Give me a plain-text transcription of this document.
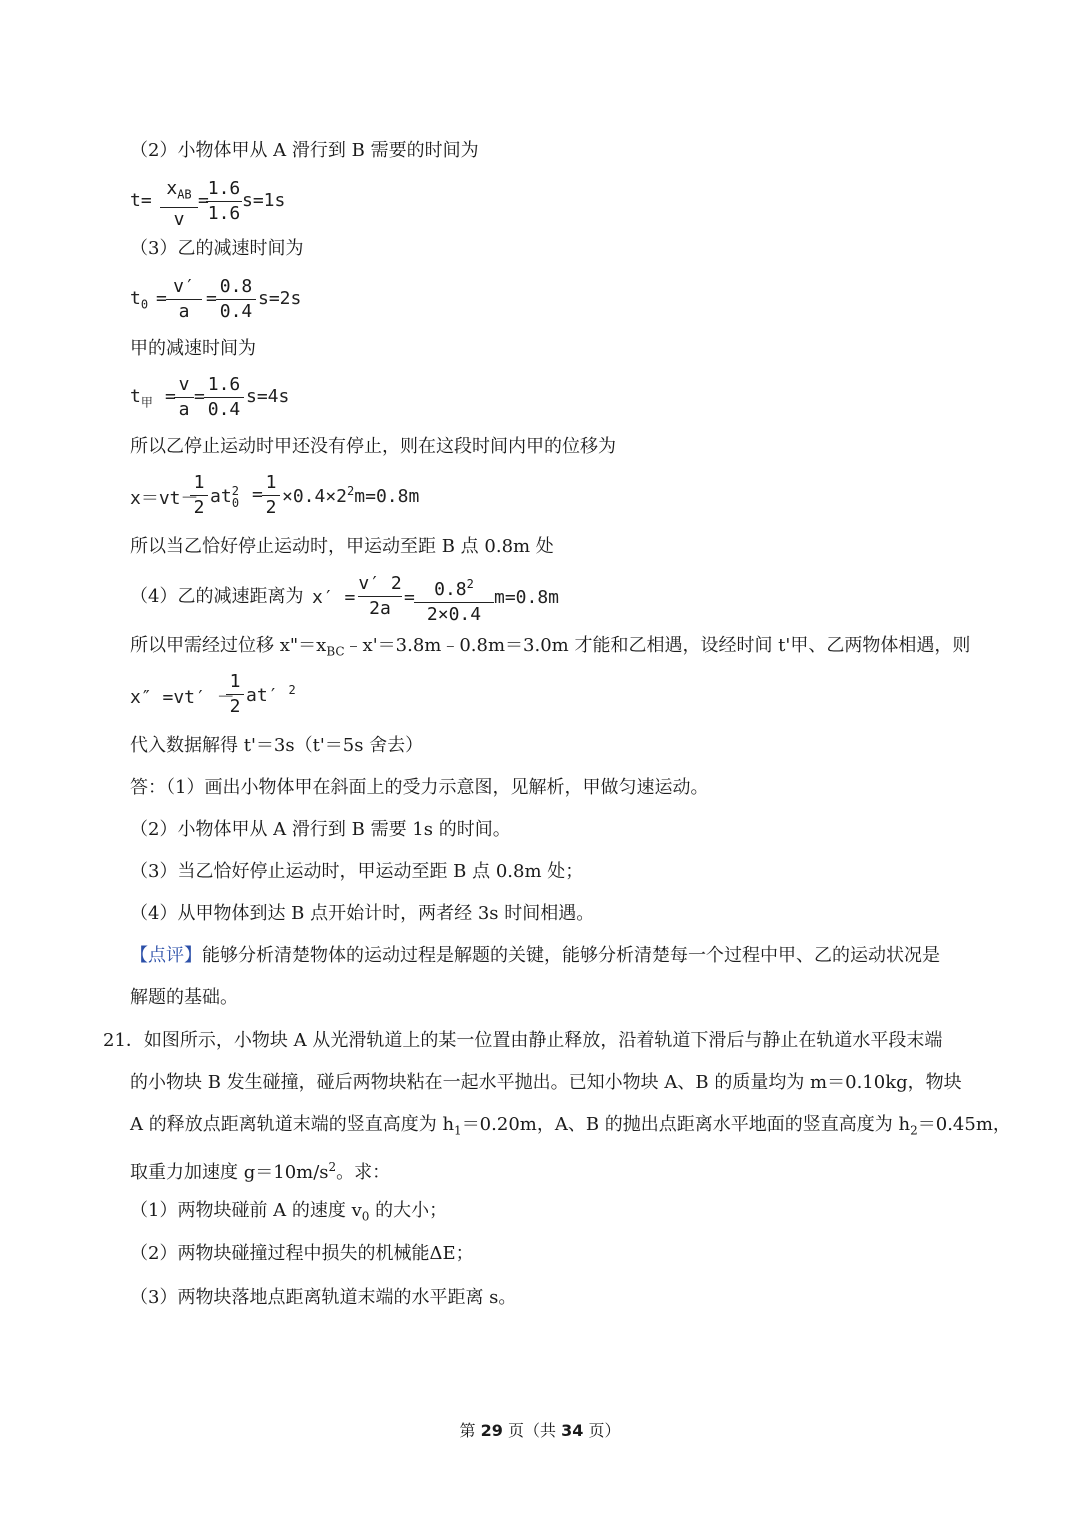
（2）小物体甲从 A 滑行到 B 需要的时间为
t=
$x_{AB}$
v
=
1.6
1.6
s=1s
（3）乙的减速时间为
$t_0$ =
v′
a
=
0.8
0.4
s=2s
甲的减速时间为
$t_甲$ =
v
a
=
1.6
0.4
s=4s
所以乙停止运动时甲还没有停止，则在这段时间内甲的位移为
x＝vt－
1
2
$at^2_0$ =
1
2
$\times 0.4\times 2^2m=0.8m$
所以当乙恰好停止运动时，甲运动至距 B 点 0.8m 处
（4）乙的减速距离为 x′ =
v′ 2
2a
=	$0.8^2$
2×0.4
m=0.8m
所以甲需经过位移 $x"=x_{BC}﹣x'=3.8m﹣0.8m=3.0m$ 才能和乙相遇，设经时间 t'甲、乙两物体相遇，则
x″ =vt′ －
1
2
at′ $^2$
代入数据解得 t'＝3s（t'＝5s 舍去）
答：（1）画出小物体甲在斜面上的受力示意图，见解析，甲做匀速运动。
（2）小物体甲从 A 滑行到 B 需要 1s 的时间。
（3）当乙恰好停止运动时，甲运动至距 B 点 0.8m 处；
（4）从甲物体到达 B 点开始计时，两者经 3s 时间相遇。
【点评】能够分析清楚物体的运动过程是解题的关键，能够分析清楚每一个过程中甲、乙的运动状况是
解题的基础。
21．如图所示，小物块 A 从光滑轨道上的某一位置由静止释放，沿着轨道下滑后与静止在轨道水平段末端
的小物块 B 发生碰撞，碰后两物块粘在一起水平抛出。已知小物块 A、B 的质量均为 m＝0.10kg，物块
A 的释放点距离轨道末端的竖直高度为 $h_1=0.20m$，A、B 的抛出点距离水平地面的竖直高度为 $h_2=0.45m$，
取重力加速度 $g=10m/s^2$。求：
（1）两物块碰前 A 的速度 $v_0$ 的大小；
（2）两物块碰撞过程中损失的机械能ΔE；
（3）两物块落地点距离轨道末端的水平距离 s。
第 29 页（共 34 页）
